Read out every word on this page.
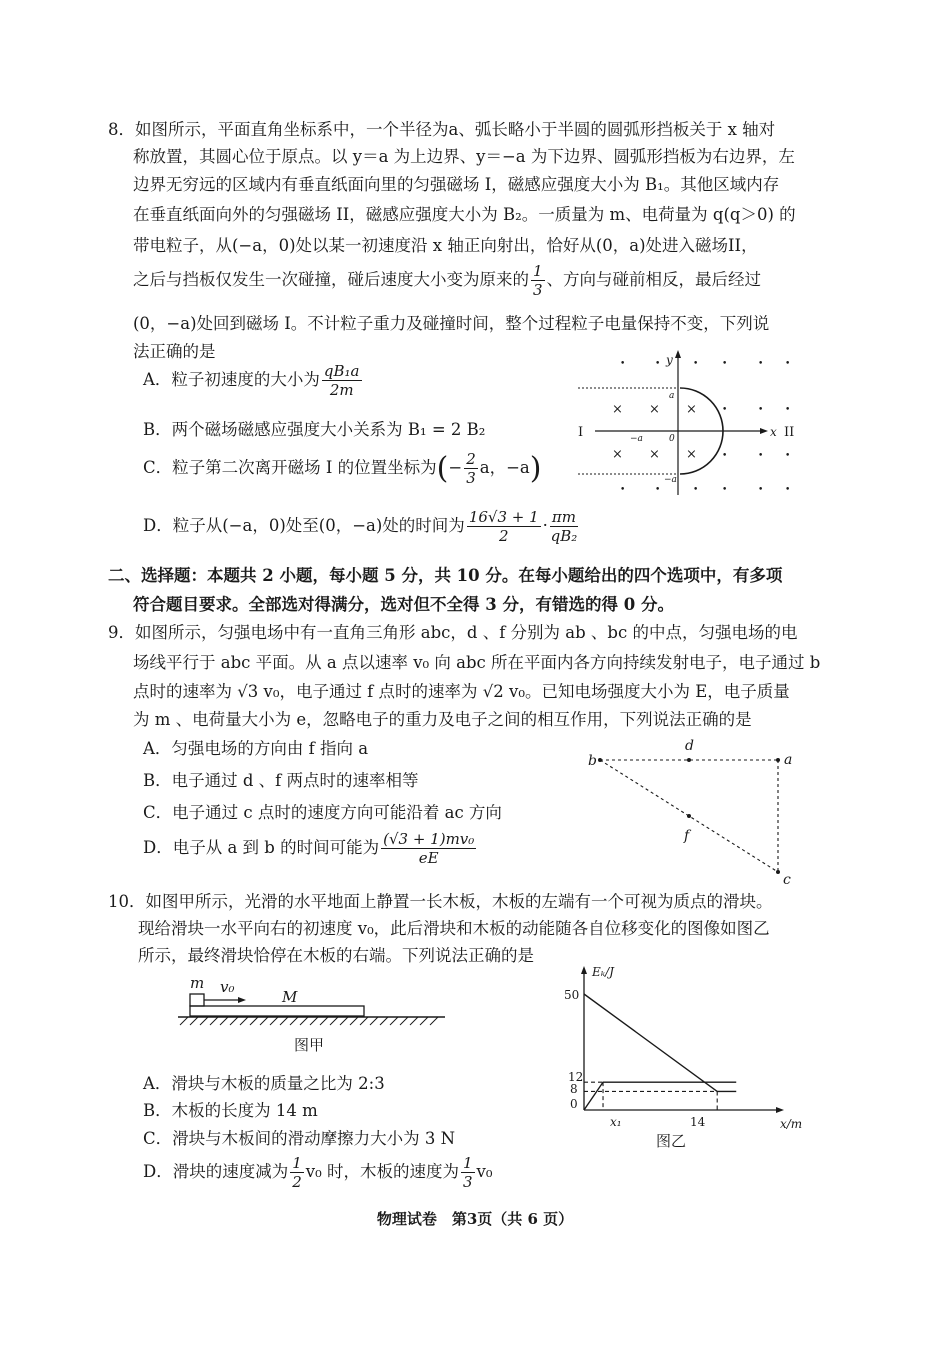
8．如图所示，平面直角坐标系中，一个半径为a、弧长略小于半圆的圆弧形挡板关于 x 轴对
称放置，其圆心位于原点。以 y＝a 为上边界、y＝−a 为下边界、圆弧形挡板为右边界，左
边界无穷远的区域内有垂直纸面向里的匀强磁场 I，磁感应强度大小为 B₁。其他区域内存
在垂直纸面向外的匀强磁场 II，磁感应强度大小为 B₂。一质量为 m、电荷量为 q(q＞0) 的
带电粒子，从(−a，0)处以某一初速度沿 x 轴正向射出，恰好从(0，a)处进入磁场II，
之后与挡板仅发生一次碰撞，碰后速度大小变为原来的 $\frac{1}{3}$ 、方向与碰前相反，最后经过
(0，−a)处回到磁场 I。不计粒子重力及碰撞时间，整个过程粒子电量保持不变，下列说
法正确的是
A．粒子初速度的大小为 $\frac{\text{qB₁a}}{2m}$
B．两个磁场磁感应强度大小关系为 B₁ = 2 B₂
C．粒子第二次离开磁场 I 的位置坐标为(− $\frac{2}{3}$ a，−a)
D．粒子从(−a，0)处至(0，−a)处的时间为 $\frac{16√3 + 1}{2} \cdot \frac{\pi m}{\text{qB₂}}$
•	•	•	•	• •
•	• •
•	• •
•	•	•	•	• •
× × ×
× × ×
y
x
a
−a
−a
0
I	II
二、选择题：本题共 2 小题，每小题 5 分，共 10 分。在每小题给出的四个选项中，有多项
符合题目要求。全部选对得满分，选对但不全得 3 分，有错选的得 0 分。
9．如图所示，匀强电场中有一直角三角形 abc，d 、f 分别为 ab 、bc 的中点，匀强电场的电
场线平行于 abc 平面。从 a 点以速率 v₀ 向 abc 所在平面内各方向持续发射电子，电子通过 b
点时的速率为 √3 v₀，电子通过 f 点时的速率为 √2 v₀。已知电场强度大小为 E，电子质量
为 m 、电荷量大小为 e，忽略电子的重力及电子之间的相互作用，下列说法正确的是
A．匀强电场的方向由 f 指向 a
B．电子通过 d 、f 两点时的速率相等
C．电子通过 c 点时的速度方向可能沿着 ac 方向
D．电子从 a 到 b 的时间可能为 $\frac{\text{(√3 + 1)mv₀}}{eE}$
b
d
a
f
c
10．如图甲所示，光滑的水平地面上静置一长木板，木板的左端有一个可视为质点的滑块。
现给滑块一水平向右的初速度 v₀，此后滑块和木板的动能随各自位移变化的图像如图乙
所示，最终滑块恰停在木板的右端。下列说法正确的是
m v₀
M
图甲
A．滑块与木板的质量之比为 2:3
B．木板的长度为 14 m
C．滑块与木板间的滑动摩擦力大小为 3 N
D．滑块的速度减为 $\frac{1}{2} v_0$ 时，木板的速度为 $\frac{1}{3} v_0$
Eₖ/J
x/m
50
12
8
0
x₁	14
图乙
物理试卷　第3页（共 6 页）
